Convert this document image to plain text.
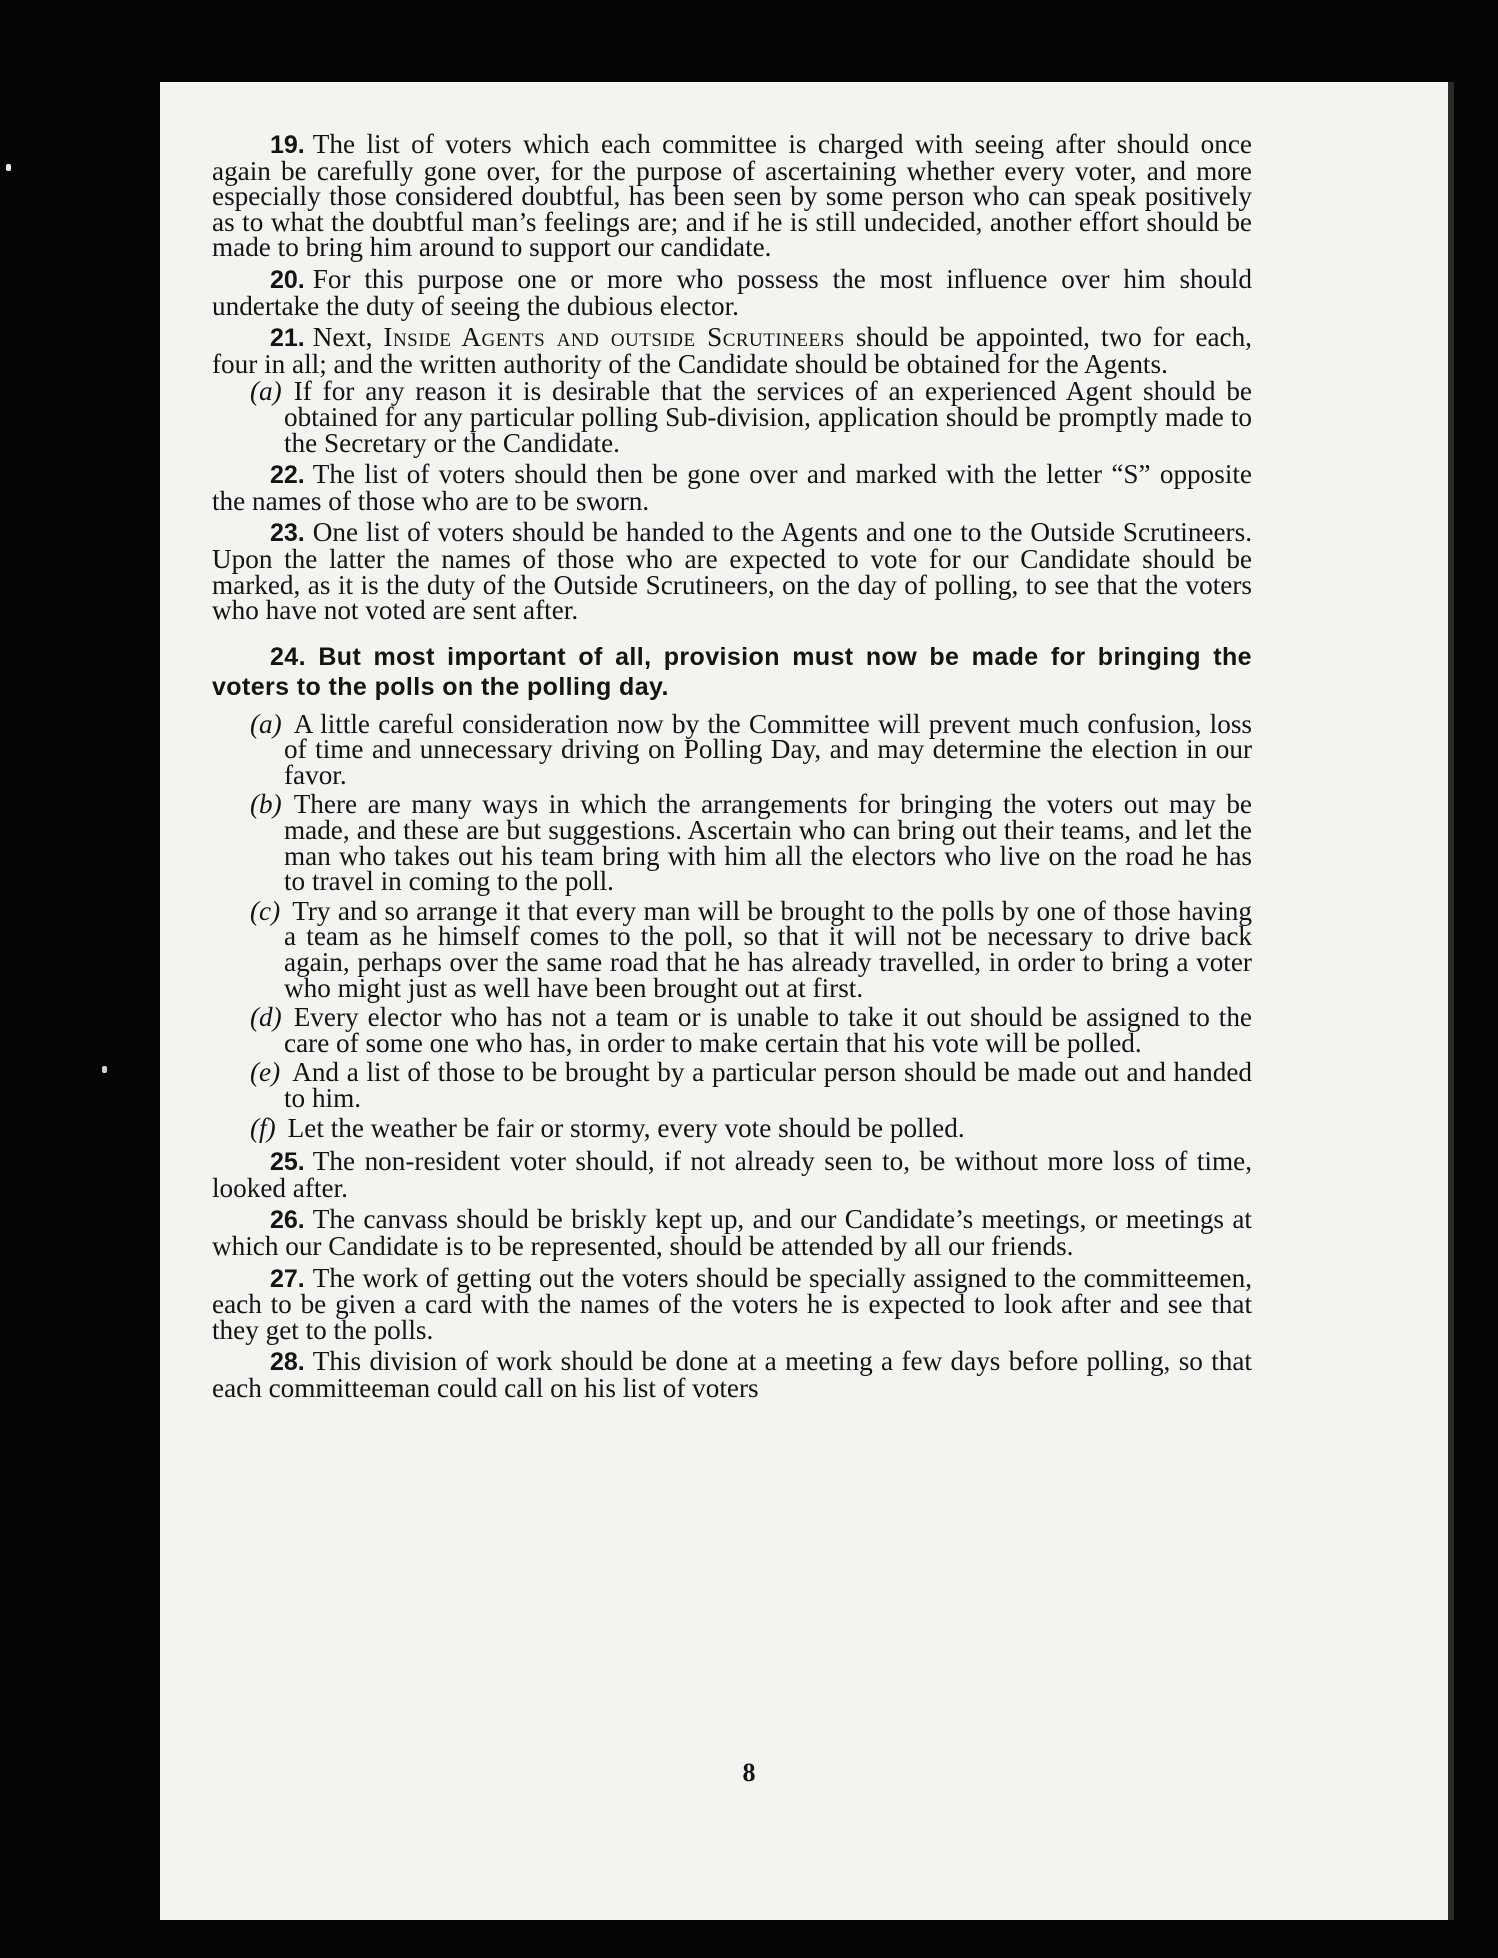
19. The list of voters which each committee is charged with seeing after should once again be carefully gone over, for the purpose of ascertaining whether every voter, and more especially those considered doubtful, has been seen by some person who can speak positively as to what the doubtful man’s feelings are; and if he is still undecided, another effort should be made to bring him around to support our candidate.

20. For this purpose one or more who possess the most influence over him should undertake the duty of seeing the dubious elector.

21. Next, Inside Agents and outside Scrutineers should be appointed, two for each, four in all; and the written authority of the Candidate should be obtained for the Agents.

(a) If for any reason it is desirable that the services of an experienced Agent should be obtained for any particular polling Sub-division, application should be promptly made to the Secretary or the Candidate.

22. The list of voters should then be gone over and marked with the letter “S” opposite the names of those who are to be sworn.

23. One list of voters should be handed to the Agents and one to the Outside Scrutineers. Upon the latter the names of those who are expected to vote for our Candidate should be marked, as it is the duty of the Outside Scrutineers, on the day of polling, to see that the voters who have not voted are sent after.

24. But most important of all, provision must now be made for bringing the voters to the polls on the polling day.

(a) A little careful consideration now by the Committee will prevent much confusion, loss of time and unnecessary driving on Polling Day, and may determine the election in our favor.

(b) There are many ways in which the arrangements for bringing the voters out may be made, and these are but suggestions. Ascertain who can bring out their teams, and let the man who takes out his team bring with him all the electors who live on the road he has to travel in coming to the poll.

(c) Try and so arrange it that every man will be brought to the polls by one of those having a team as he himself comes to the poll, so that it will not be necessary to drive back again, perhaps over the same road that he has already travelled, in order to bring a voter who might just as well have been brought out at first.

(d) Every elector who has not a team or is unable to take it out should be assigned to the care of some one who has, in order to make certain that his vote will be polled.

(e) And a list of those to be brought by a particular person should be made out and handed to him.

(f) Let the weather be fair or stormy, every vote should be polled.

25. The non-resident voter should, if not already seen to, be without more loss of time, looked after.

26. The canvass should be briskly kept up, and our Candidate’s meetings, or meetings at which our Candidate is to be represented, should be attended by all our friends.

27. The work of getting out the voters should be specially assigned to the committeemen, each to be given a card with the names of the voters he is expected to look after and see that they get to the polls.

28. This division of work should be done at a meeting a few days before polling, so that each committeeman could call on his list of voters

8
